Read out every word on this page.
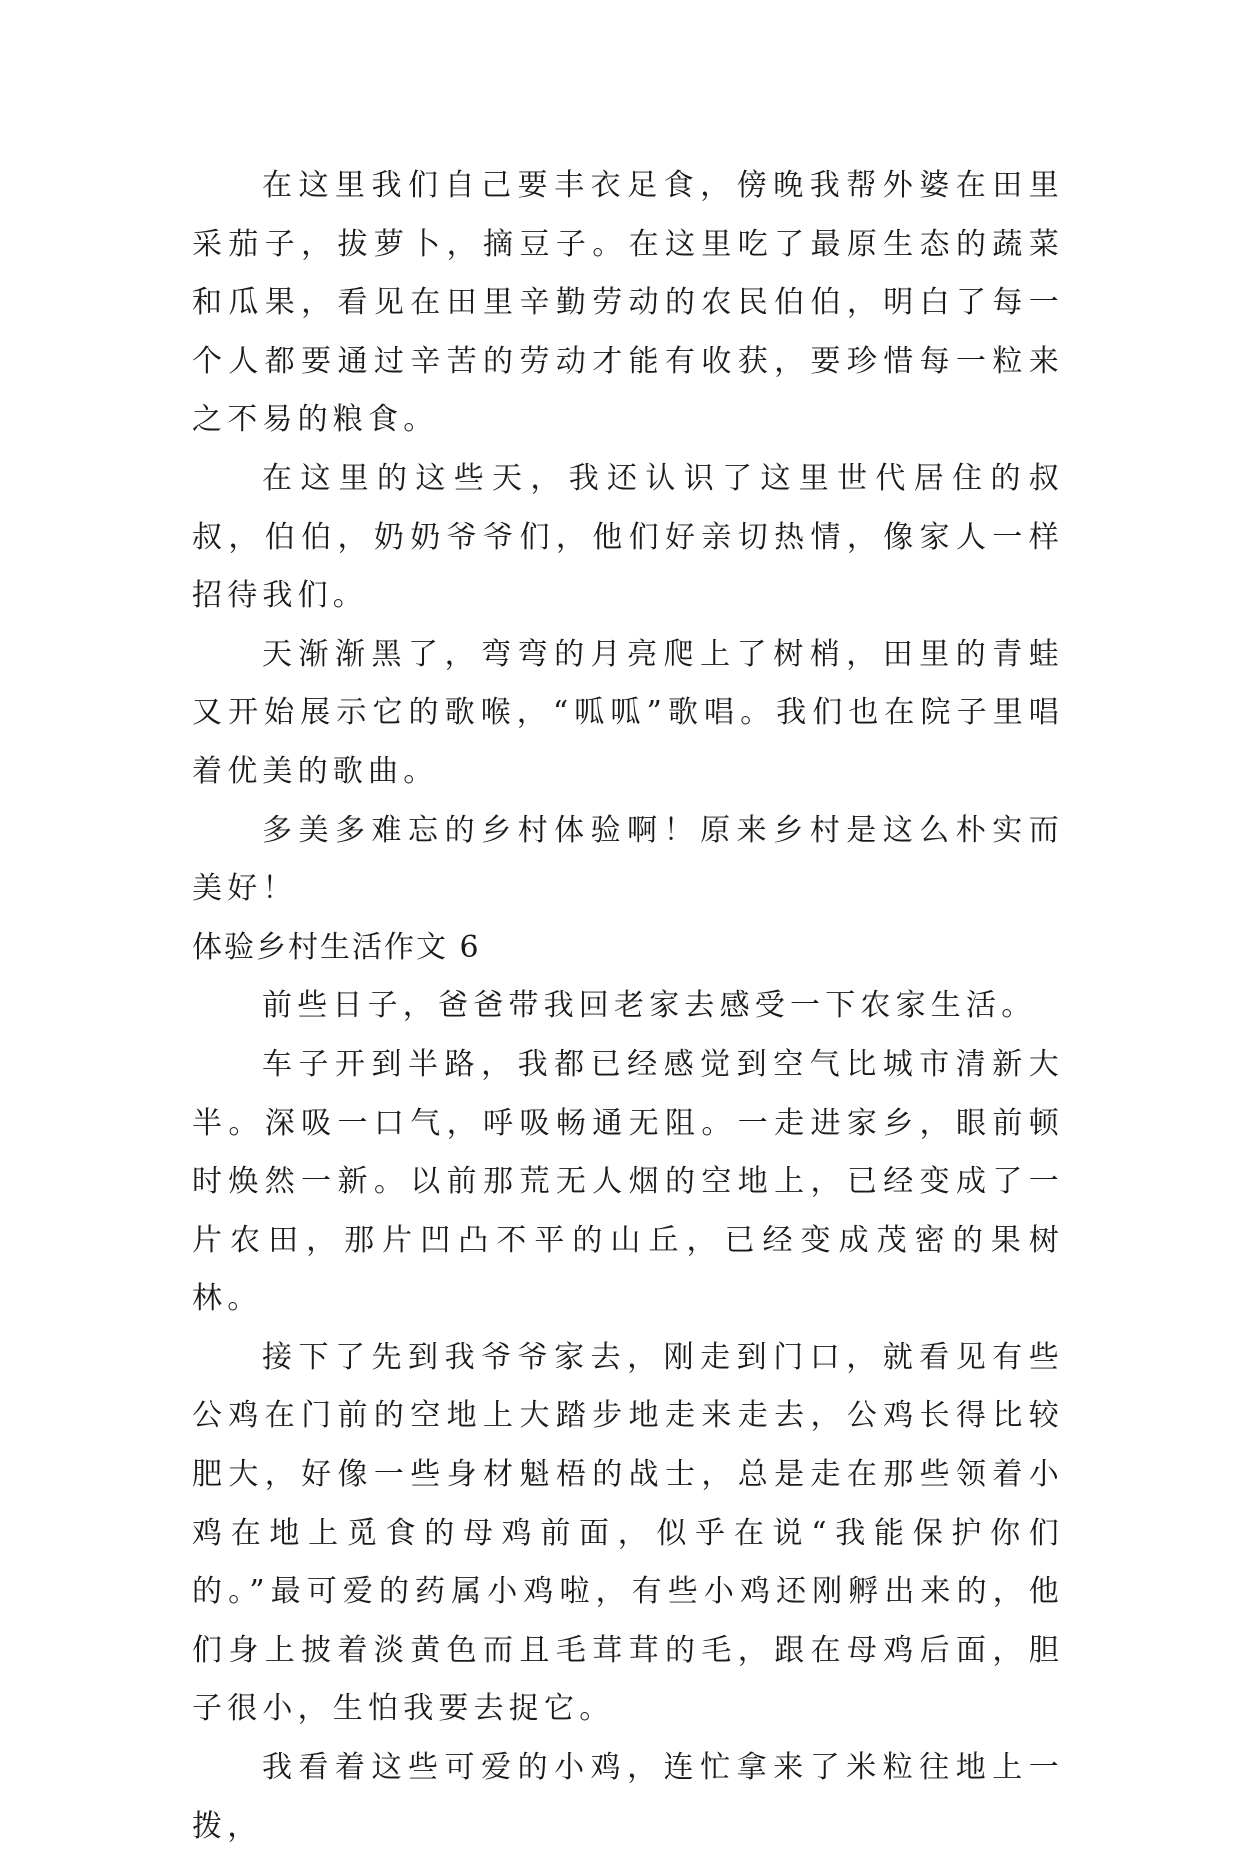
在这里我们自己要丰衣足食，傍晚我帮外婆在田里采茄子，拔萝卜，摘豆子。在这里吃了最原生态的蔬菜和瓜果，看见在田里辛勤劳动的农民伯伯，明白了每一个人都要通过辛苦的劳动才能有收获，要珍惜每一粒来之不易的粮食。

在这里的这些天，我还认识了这里世代居住的叔叔，伯伯，奶奶爷爷们，他们好亲切热情，像家人一样招待我们。

天渐渐黑了，弯弯的月亮爬上了树梢，田里的青蛙又开始展示它的歌喉，“呱呱”歌唱。我们也在院子里唱着优美的歌曲。

多美多难忘的乡村体验啊！原来乡村是这么朴实而美好！

体验乡村生活作文 6

前些日子，爸爸带我回老家去感受一下农家生活。

车子开到半路，我都已经感觉到空气比城市清新大半。深吸一口气，呼吸畅通无阻。一走进家乡，眼前顿时焕然一新。以前那荒无人烟的空地上，已经变成了一片农田，那片凹凸不平的山丘，已经变成茂密的果树林。

接下了先到我爷爷家去，刚走到门口，就看见有些公鸡在门前的空地上大踏步地走来走去，公鸡长得比较肥大，好像一些身材魁梧的战士，总是走在那些领着小鸡在地上觅食的母鸡前面，似乎在说“我能保护你们的。”最可爱的药属小鸡啦，有些小鸡还刚孵出来的，他们身上披着淡黄色而且毛茸茸的毛，跟在母鸡后面，胆子很小，生怕我要去捉它。

我看着这些可爱的小鸡，连忙拿来了米粒往地上一拨，
